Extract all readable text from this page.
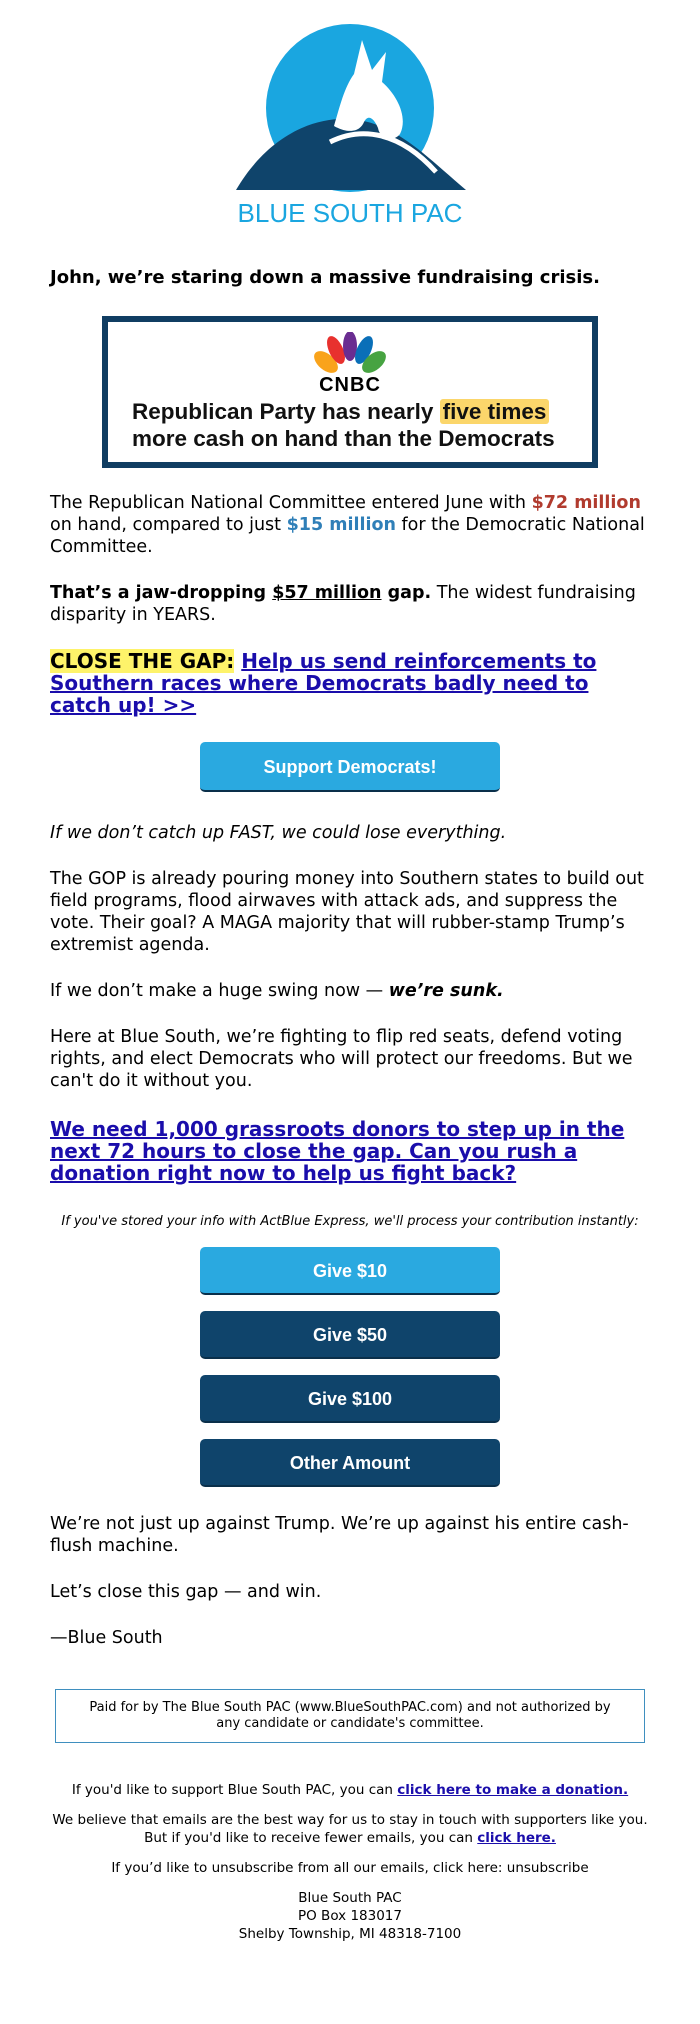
BLUE SOUTH PAC

John, we’re staring down a massive fundraising crisis.

CNBC
Republican Party has nearly five times
more cash on hand than the Democrats

The Republican National Committee entered June with $72 million on hand, compared to just $15 million for the Democratic National Committee.

That’s a jaw-dropping $57 million gap. The widest fundraising disparity in YEARS.

CLOSE THE GAP: Help us send reinforcements to Southern races where Democrats badly need to catch up! >>

Support Democrats!

If we don’t catch up FAST, we could lose everything.

The GOP is already pouring money into Southern states to build out field programs, flood airwaves with attack ads, and suppress the vote. Their goal? A MAGA majority that will rubber-stamp Trump’s extremist agenda.

If we don’t make a huge swing now — we’re sunk.

Here at Blue South, we’re fighting to flip red seats, defend voting rights, and elect Democrats who will protect our freedoms. But we can't do it without you.

We need 1,000 grassroots donors to step up in the next 72 hours to close the gap. Can you rush a donation right now to help us fight back?

If you've stored your info with ActBlue Express, we'll process your contribution instantly:

Give $10
Give $50
Give $100
Other Amount

We’re not just up against Trump. We’re up against his entire cash-flush machine.

Let’s close this gap — and win.

—Blue South

Paid for by The Blue South PAC (www.BlueSouthPAC.com) and not authorized by any candidate or candidate's committee.

If you'd like to support Blue South PAC, you can click here to make a donation.

We believe that emails are the best way for us to stay in touch with supporters like you. But if you'd like to receive fewer emails, you can click here.

If you’d like to unsubscribe from all our emails, click here: unsubscribe

Blue South PAC
PO Box 183017
Shelby Township, MI 48318-7100
